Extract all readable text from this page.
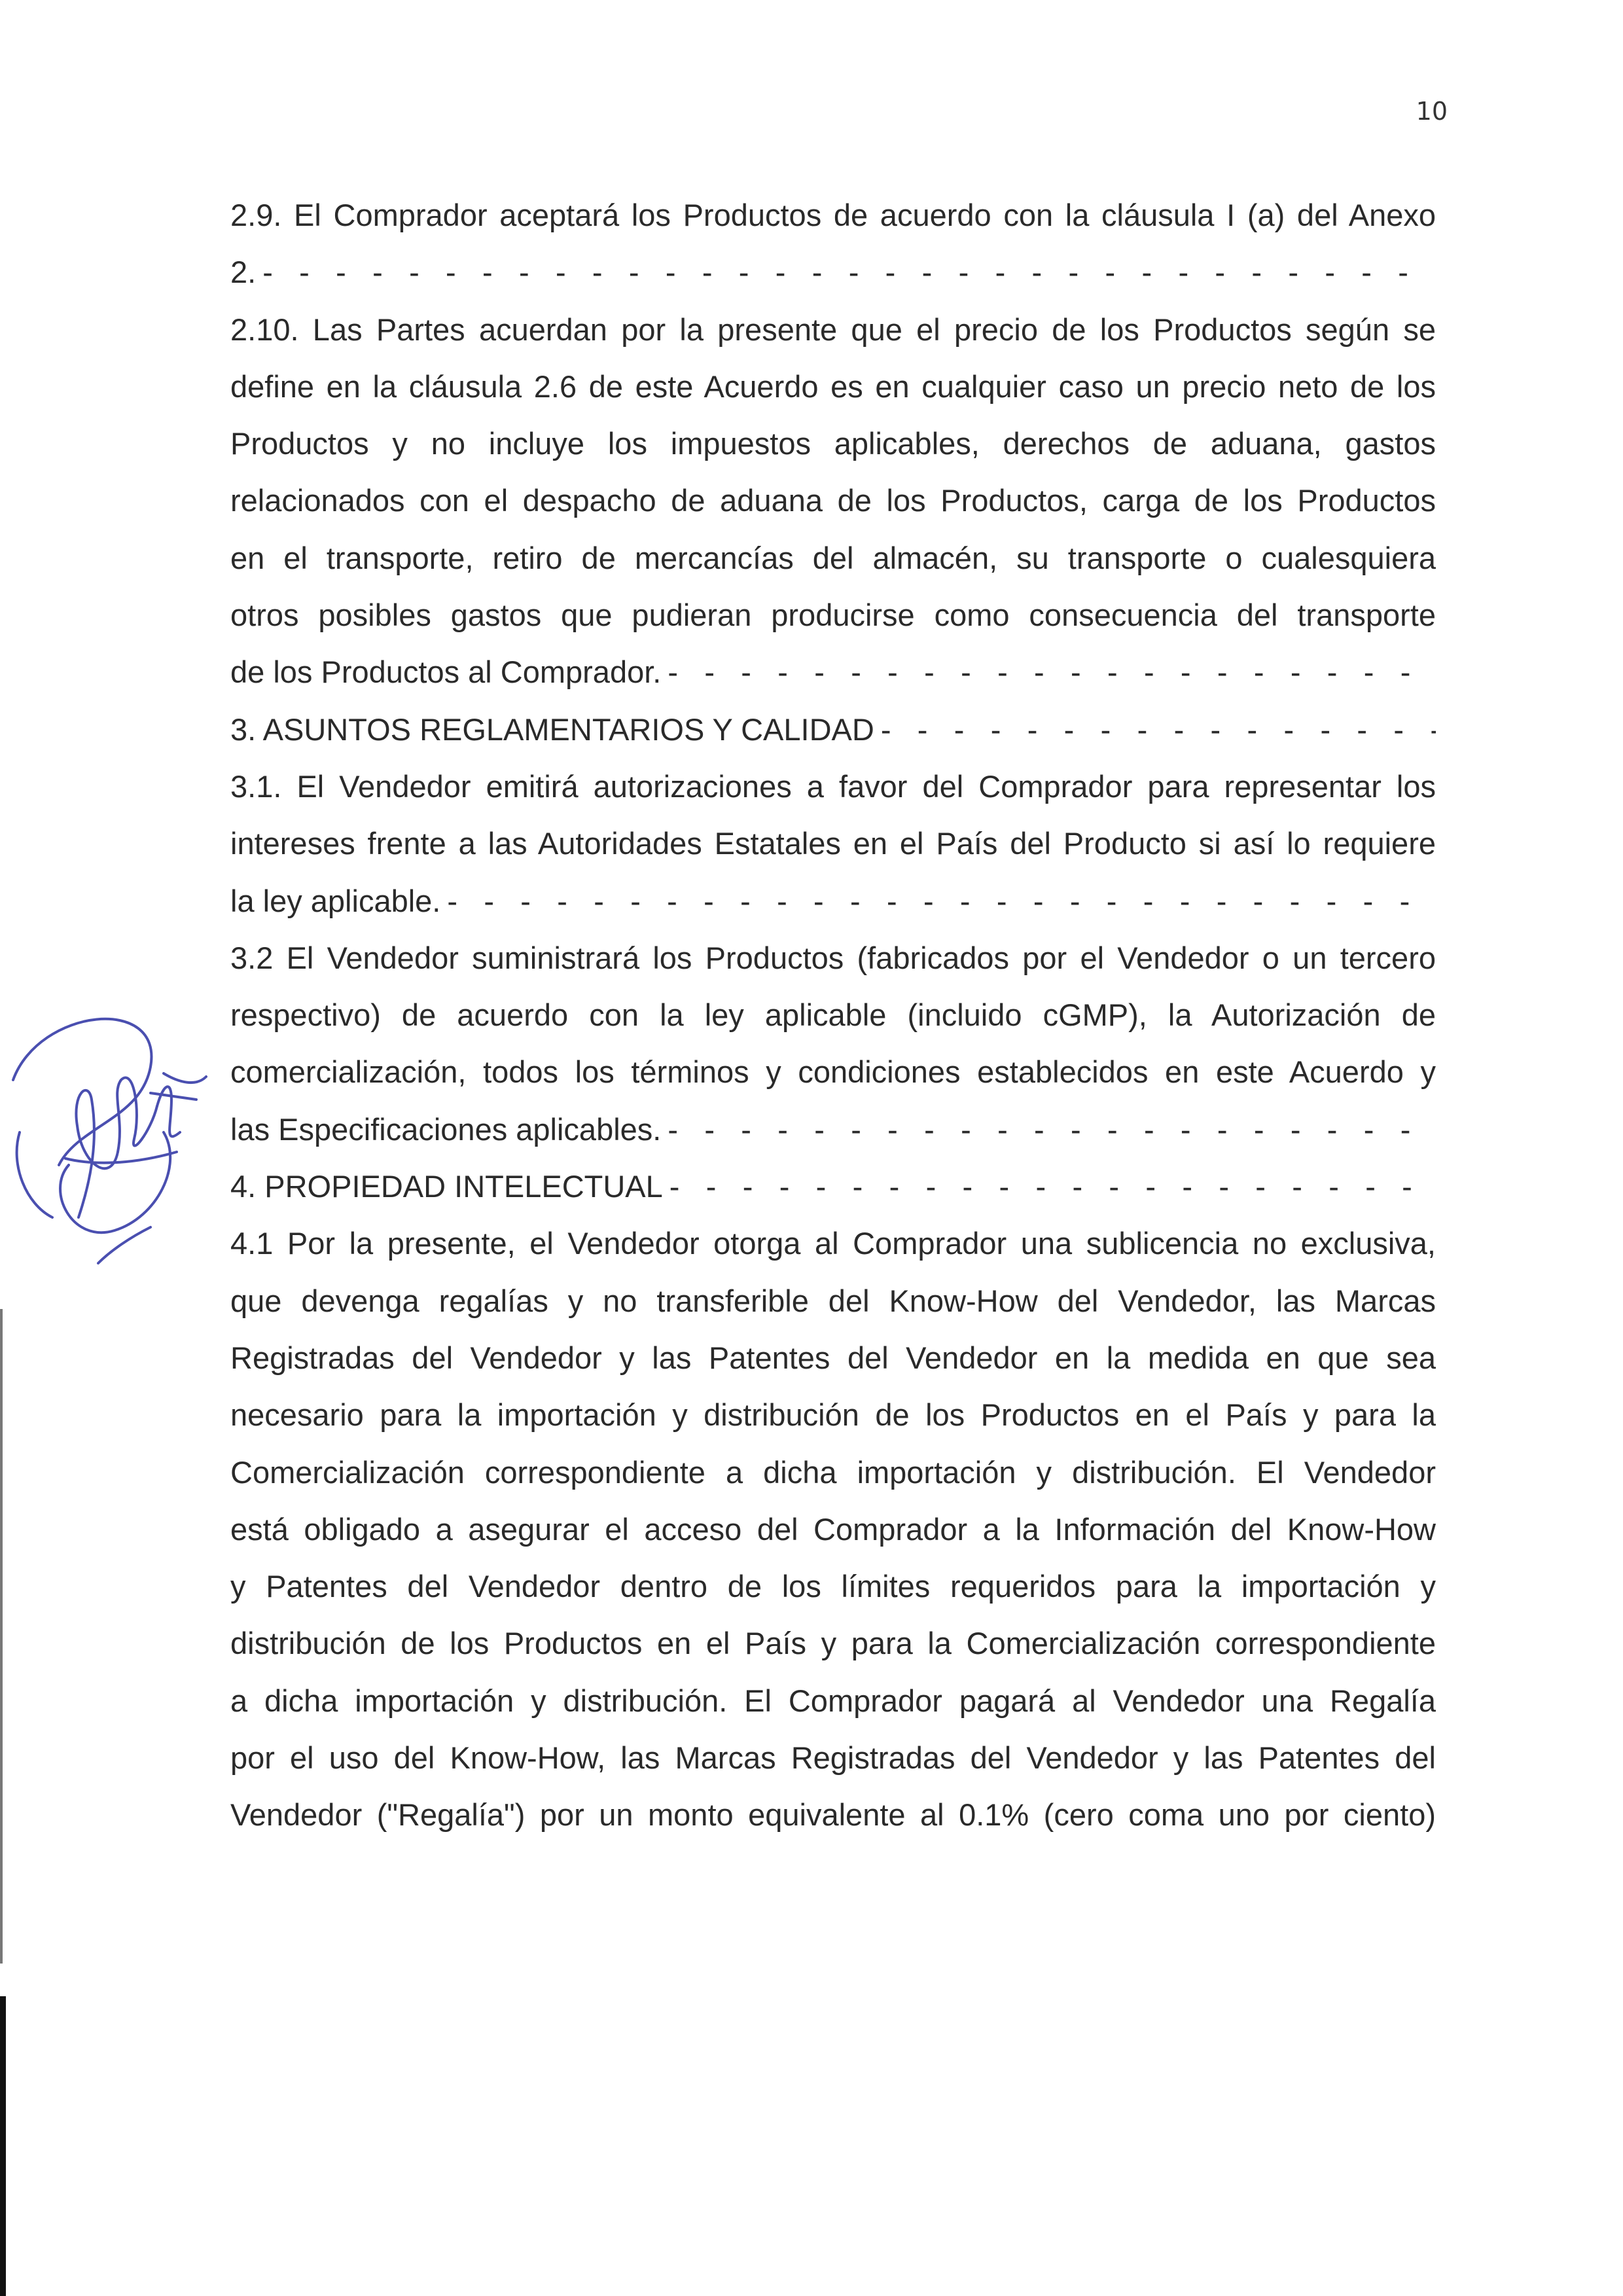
10
2.9. El Comprador aceptará los Productos de acuerdo con la cláusula I (a) del Anexo
2.
- - -
2.10. Las Partes acuerdan por la presente que el precio de los Productos según se
define en la cláusula 2.6 de este Acuerdo es en cualquier caso un precio neto de los
Productos y no incluye los impuestos aplicables, derechos de aduana, gastos
relacionados con el despacho de aduana de los Productos, carga de los Productos
en el transporte, retiro de mercancías del almacén, su transporte o cualesquiera
otros posibles gastos que pudieran producirse como consecuencia del transporte
de los Productos al Comprador.
- - -
3. ASUNTOS REGLAMENTARIOS Y CALIDAD
- - -
3.1. El Vendedor emitirá autorizaciones a favor del Comprador para representar los
intereses frente a las Autoridades Estatales en el País del Producto si así lo requiere
la ley aplicable.
- - -
3.2 El Vendedor suministrará los Productos (fabricados por el Vendedor o un tercero
respectivo) de acuerdo con la ley aplicable (incluido cGMP), la Autorización de
comercialización, todos los términos y condiciones establecidos en este Acuerdo y
las Especificaciones aplicables.
- - -
4. PROPIEDAD INTELECTUAL
- - -
4.1 Por la presente, el Vendedor otorga al Comprador una sublicencia no exclusiva,
que devenga regalías y no transferible del Know-How del Vendedor, las Marcas
Registradas del Vendedor y las Patentes del Vendedor en la medida en que sea
necesario para la importación y distribución de los Productos en el País y para la
Comercialización correspondiente a dicha importación y distribución. El Vendedor
está obligado a asegurar el acceso del Comprador a la Información del Know-How
y Patentes del Vendedor dentro de los límites requeridos para la importación y
distribución de los Productos en el País y para la Comercialización correspondiente
a dicha importación y distribución. El Comprador pagará al Vendedor una Regalía
por el uso del Know-How, las Marcas Registradas del Vendedor y las Patentes del
Vendedor ("Regalía") por un monto equivalente al 0.1% (cero coma uno por ciento)
